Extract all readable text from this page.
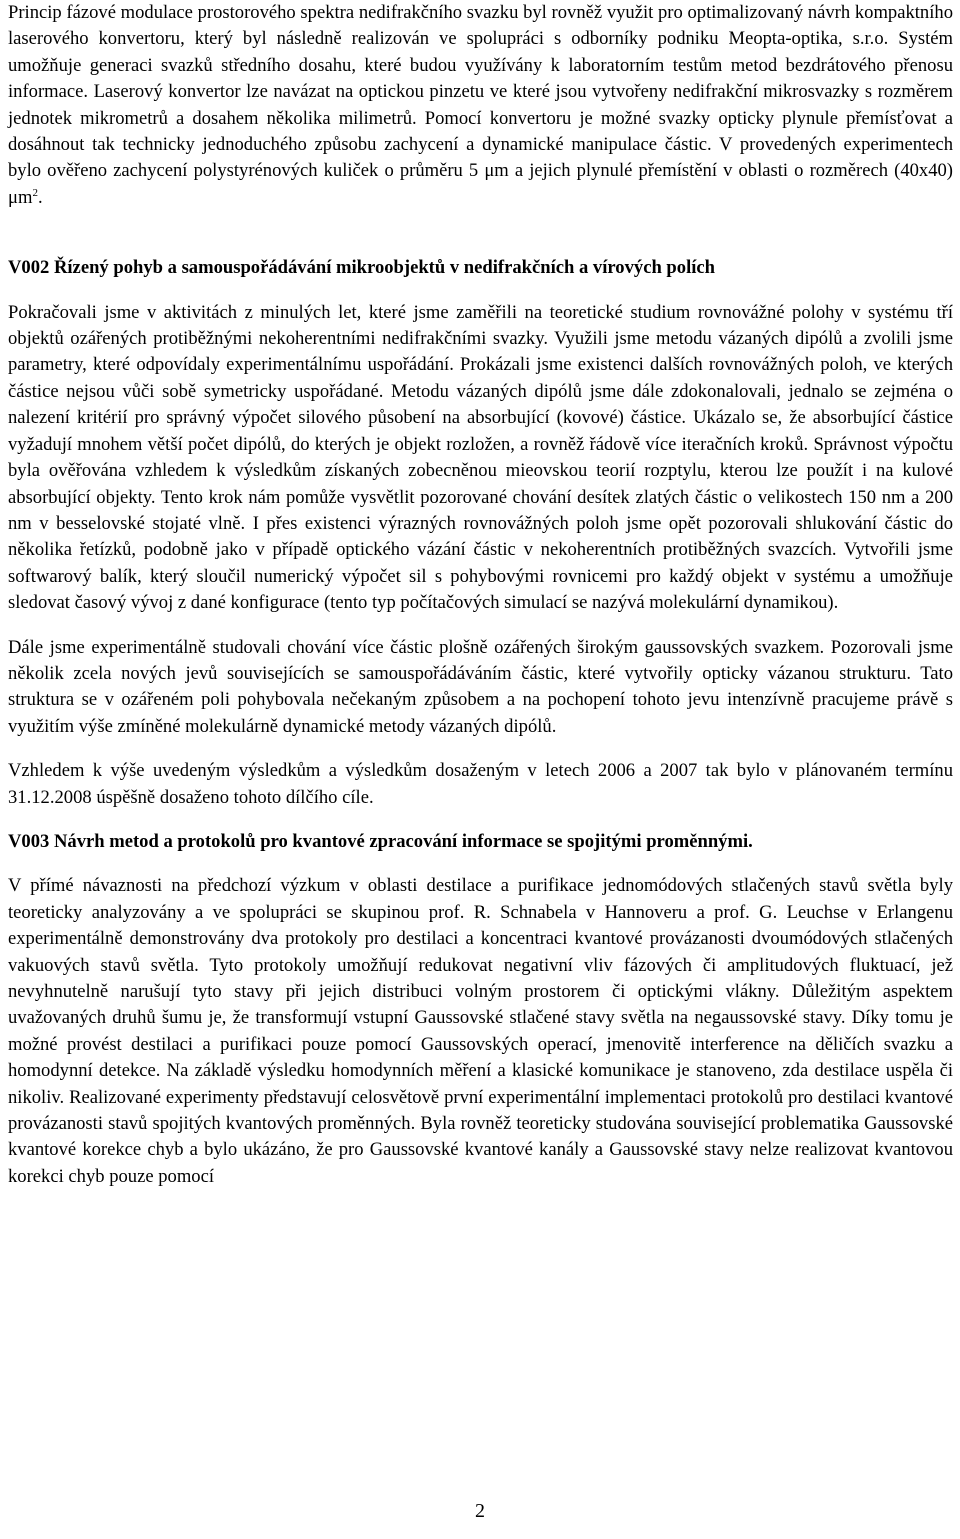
Princip fázové modulace prostorového spektra nedifrakčního svazku byl rovněž využit pro optimalizovaný návrh kompaktního laserového konvertoru, který byl následně realizován ve spolupráci s odborníky podniku Meopta-optika, s.r.o. Systém umožňuje generaci svazků středního dosahu, které budou využívány k laboratorním testům metod bezdrátového přenosu informace. Laserový konvertor lze navázat na optickou pinzetu ve které jsou vytvořeny nedifrakční mikrosvazky s rozměrem jednotek mikrometrů a dosahem několika milimetrů. Pomocí konvertoru je možné svazky opticky plynule přemísťovat a dosáhnout tak technicky jednoduchého způsobu zachycení a dynamické manipulace částic. V provedených experimentech bylo ověřeno zachycení polystyrénových kuliček o průměru 5 μm a jejich plynulé přemístění v oblasti o rozměrech (40x40) $\mu m^2$.

V002 Řízený pohyb a samouspořádávání mikroobjektů v nedifrakčních a vírových polích

Pokračovali jsme v aktivitách z minulých let, které jsme zaměřili na teoretické studium rovnovážné polohy v systému tří objektů ozářených protiběžnými nekoherentními nedifrakčními svazky. Využili jsme metodu vázaných dipólů a zvolili jsme parametry, které odpovídaly experimentálnímu uspořádání. Prokázali jsme existenci dalších rovnovážných poloh, ve kterých částice nejsou vůči sobě symetricky uspořádané. Metodu vázaných dipólů jsme dále zdokonalovali, jednalo se zejména o nalezení kritérií pro správný výpočet silového působení na absorbující (kovové) částice. Ukázalo se, že absorbující částice vyžadují mnohem větší počet dipólů, do kterých je objekt rozložen, a rovněž řádově více iteračních kroků. Správnost výpočtu byla ověřována vzhledem k výsledkům získaných zobecněnou mieovskou teorií rozptylu, kterou lze použít i na kulové absorbující objekty. Tento krok nám pomůže vysvětlit pozorované chování desítek zlatých částic o velikostech 150 nm a 200 nm v besselovské stojaté vlně. I přes existenci výrazných rovnovážných poloh jsme opět pozorovali shlukování částic do několika řetízků, podobně jako v případě optického vázání částic v nekoherentních protiběžných svazcích. Vytvořili jsme softwarový balík, který sloučil numerický výpočet sil s pohybovými rovnicemi pro každý objekt v systému a umožňuje sledovat časový vývoj z dané konfigurace (tento typ počítačových simulací se nazývá molekulární dynamikou).

Dále jsme experimentálně studovali chování více částic plošně ozářených širokým gaussovských svazkem. Pozorovali jsme několik zcela nových jevů souvisejících se samouspořádáváním částic, které vytvořily opticky vázanou strukturu. Tato struktura se v ozářeném poli pohybovala nečekaným způsobem a na pochopení tohoto jevu intenzívně pracujeme právě s využitím výše zmíněné molekulárně dynamické metody vázaných dipólů.

Vzhledem k výše uvedeným výsledkům a výsledkům dosaženým v letech 2006 a 2007 tak bylo v plánovaném termínu 31.12.2008 úspěšně dosaženo tohoto dílčího cíle.

V003 Návrh metod a protokolů pro kvantové zpracování informace se spojitými proměnnými.

V přímé návaznosti na předchozí výzkum v oblasti destilace a purifikace jednomódových stlačených stavů světla byly teoreticky analyzovány a ve spolupráci se skupinou prof. R. Schnabela v Hannoveru a prof. G. Leuchse v Erlangenu experimentálně demonstrovány dva protokoly pro destilaci a koncentraci kvantové provázanosti dvoumódových stlačených vakuových stavů světla. Tyto protokoly umožňují redukovat negativní vliv fázových či amplitudových fluktuací, jež nevyhnutelně narušují tyto stavy při jejich distribuci volným prostorem či optickými vlákny. Důležitým aspektem uvažovaných druhů šumu je, že transformují vstupní Gaussovské stlačené stavy světla na negaussovské stavy. Díky tomu je možné provést destilaci a purifikaci pouze pomocí Gaussovských operací, jmenovitě interference na děličích svazku a homodynní detekce. Na základě výsledku homodynních měření a klasické komunikace je stanoveno, zda destilace uspěla či nikoliv. Realizované experimenty představují celosvětově první experimentální implementaci protokolů pro destilaci kvantové provázanosti stavů spojitých kvantových proměnných. Byla rovněž teoreticky studována související problematika Gaussovské kvantové korekce chyb a bylo ukázáno, že pro Gaussovské kvantové kanály a Gaussovské stavy nelze realizovat kvantovou korekci chyb pouze pomocí

2
